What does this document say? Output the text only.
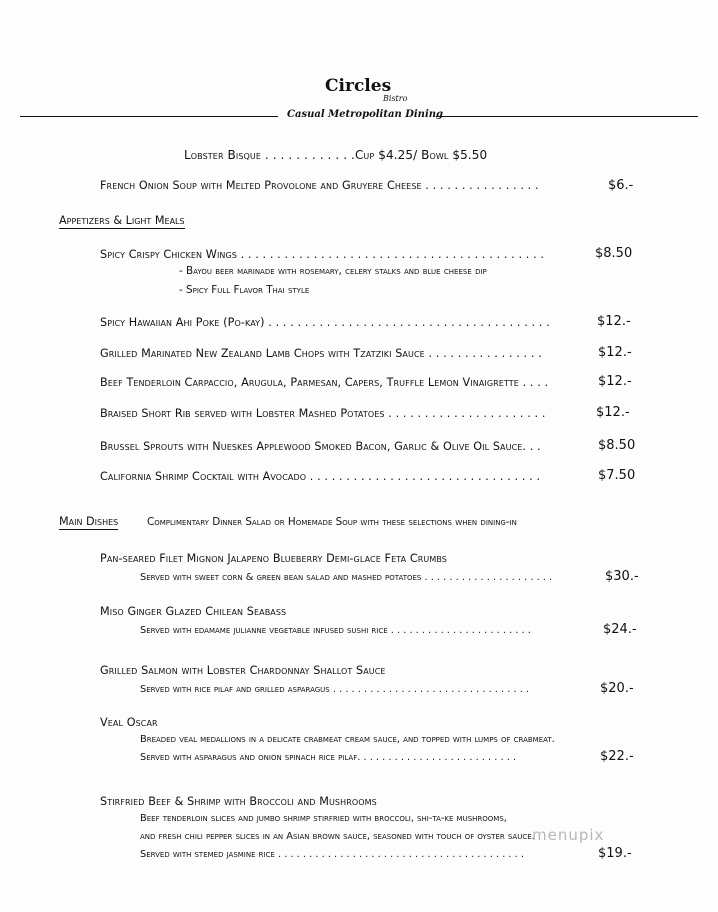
Circles
Bistro
Casual Metropolitan Dining
Lobster Bisque . . . . . . . . . . . .Cup $4.25/ Bowl $5.50
French Onion Soup with Melted Provolone and Gruyere Cheese . . . . . . . . . . . . . . . .	$6.-
Appetizers & Light Meals
Spicy Crispy Chicken Wings . . . . . . . . . . . . . . . . . . . . . . . . . . . . . . . . . . . . . . . . . .	$8.50
- Bayou beer marinade with rosemary, celery stalks and blue cheese dip
- Spicy Full Flavor Thai style
Spicy Hawaiian Ahi Poke (Po-kay) . . . . . . . . . . . . . . . . . . . . . . . . . . . . . . . . . . . . . . .	$12.-
Grilled Marinated New Zealand Lamb Chops with Tzatziki Sauce . . . . . . . . . . . . . . . .	$12.-
Beef Tenderloin Carpaccio, Arugula, Parmesan, Capers, Truffle Lemon Vinaigrette . . . .	$12.-
Braised Short Rib served with Lobster Mashed Potatoes . . . . . . . . . . . . . . . . . . . . . .	$12.-
Brussel Sprouts with Nueskes Applewood Smoked Bacon, Garlic & Olive Oil Sauce. . .	$8.50
California Shrimp Cocktail with Avocado . . . . . . . . . . . . . . . . . . . . . . . . . . . . . . . .	$7.50
Main Dishes	Complimentary Dinner Salad or Homemade Soup with these selections when dining-in
Pan-seared Filet Mignon Jalapeno Blueberry Demi-glace Feta Crumbs
Served with sweet corn & green bean salad and mashed potatoes . . . . . . . . . . . . . . . . . . . . .	$30.-
Miso Ginger Glazed Chilean Seabass
Served with edamame julianne vegetable infused sushi rice . . . . . . . . . . . . . . . . . . . . . . .	$24.-
Grilled Salmon with Lobster Chardonnay Shallot Sauce
Served with rice pilaf and grilled asparagus . . . . . . . . . . . . . . . . . . . . . . . . . . . . . . . .	$20.-
Veal Oscar
Breaded veal medallions in a delicate crabmeat cream sauce, and topped with lumps of crabmeat.
Served with asparagus and onion spinach rice pilaf. . . . . . . . . . . . . . . . . . . . . . . . . .	$22.-
Stirfried Beef & Shrimp with Broccoli and Mushrooms
Beef tenderloin slices and jumbo shrimp stirfried with broccoli, shi-ta-ke mushrooms,
and fresh chili pepper slices in an Asian brown sauce, seasoned with touch of oyster sauce.
Served with stemed jasmine rice . . . . . . . . . . . . . . . . . . . . . . . . . . . . . . . . . . . . . . . .	$19.-
menupix
